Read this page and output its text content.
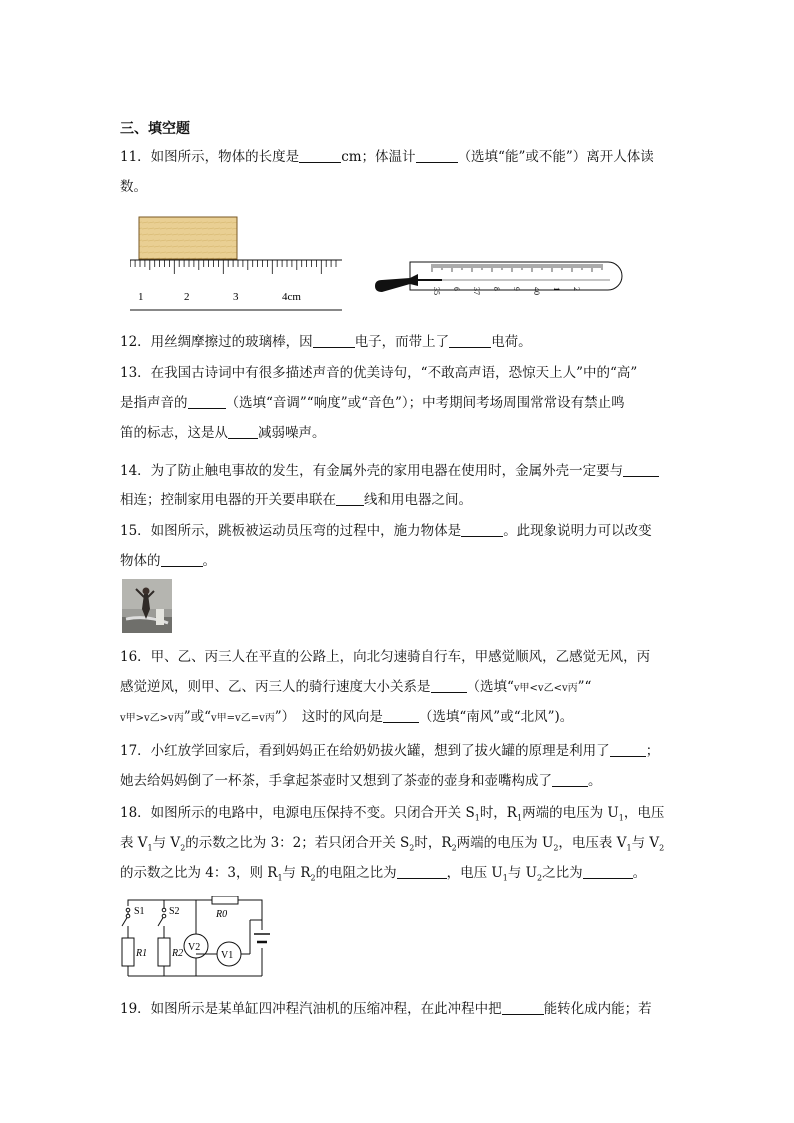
三、填空题
11．如图所示，物体的长度是	cm；体温计	（选填“能”或不能”）离开人体读
数。
1	2	3	4cm	35 6 37 8 9 40 1 2
12．用丝绸摩擦过的玻璃棒，因	电子，而带上了	电荷。
13．在我国古诗词中有很多描述声音的优美诗句，“不敢高声语，恐惊天上人”中的“高”
是指声音的	（选填“音调”“响度”或“音色”）；中考期间考场周围常常设有禁止鸣
笛的标志，这是从 减弱噪声。
14．为了防止触电事故的发生，有金属外壳的家用电器在使用时，金属外壳一定要与
相连；控制家用电器的开关要串联在 线和用电器之间。
15．如图所示，跳板被运动员压弯的过程中，施力物体是	。此现象说明力可以改变
物体的	。
16．甲、乙、丙三人在平直的公路上，向北匀速骑自行车，甲感觉顺风，乙感觉无风，丙
感觉逆风，则甲、乙、丙三人的骑行速度大小关系是	（选填“v甲<v乙<v丙”“
v甲>v乙>v丙”或“v甲=v乙=v丙”）　这时的风向是	（选填“南风”或“北风”)。
17．小红放学回家后，看到妈妈正在给奶奶拔火罐，想到了拔火罐的原理是利用了	；
她去给妈妈倒了一杯茶，手拿起茶壶时又想到了茶壶的壶身和壶嘴构成了	。
18．如图所示的电路中，电源电压保持不变。只闭合开关 $S_1$时，$R_1$两端的电压为 $U_1$，电压
表 $V_1$与 $V_2$的示数之比为 3：2；若只闭合开关 $S_2$时，$R_2$两端的电压为 $U_2$，电压表 $V_1$与 $V_2$
的示数之比为 4：3，则 $R_1$与 $R_2$的电阻之比为	，电压 $U_1$与 $U_2$之比为	。
S1 S2	R0
R1 R2
V2
V1
19．如图所示是某单缸四冲程汽油机的压缩冲程，在此冲程中把	能转化成内能；若
